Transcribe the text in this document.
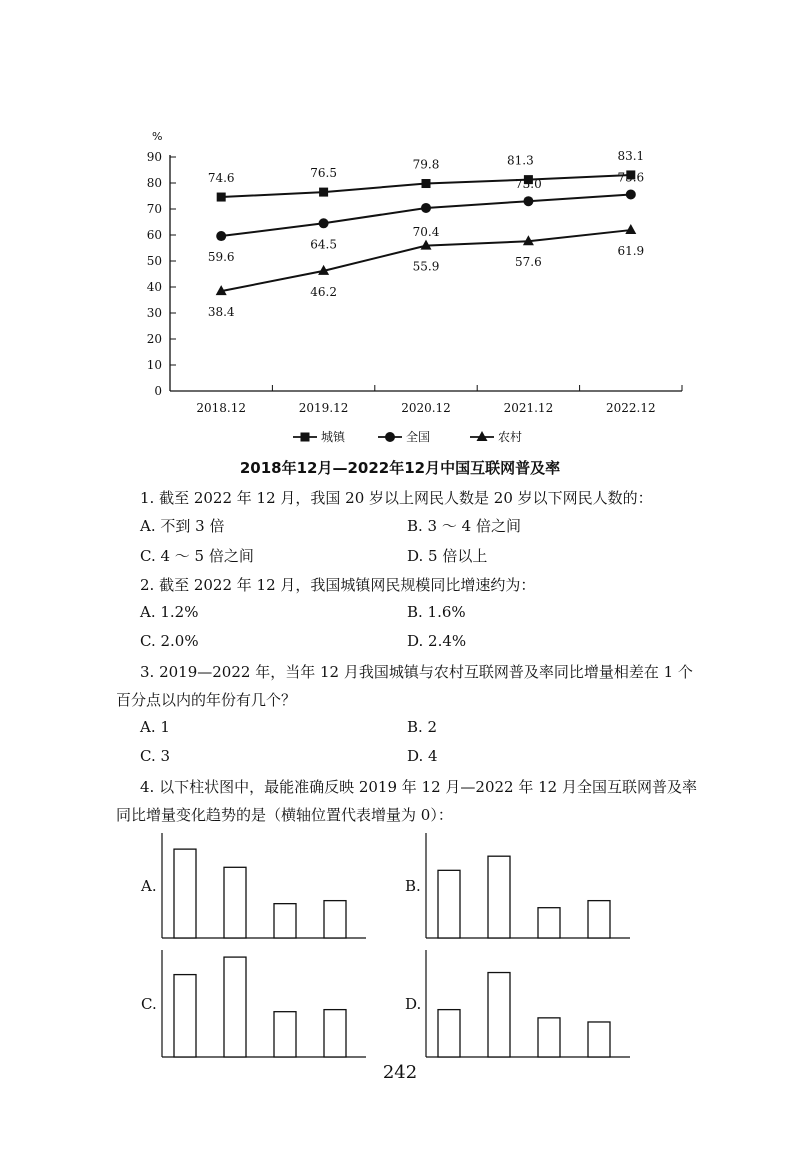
%
0
10
20
30
40
50
60
70
80
90
2018.12	2019.12	2020.12	2021.12	2022.12
74.6	76.5
79.8	81.3	83.1
59.6
64.5
70.4
73.0	75.6
38.4
46.2
55.9	57.6
61.9
城镇	全国	农村
2018年12月—2022年12月中国互联网普及率
1. 截至 2022 年 12 月，我国 20 岁以上网民人数是 20 岁以下网民人数的：
A. 不到 3 倍	B. 3 ～ 4 倍之间
C. 4 ～ 5 倍之间	D. 5 倍以上
2. 截至 2022 年 12 月，我国城镇网民规模同比增速约为：
A. 1.2%	B. 1.6%
C. 2.0%	D. 2.4%
3. 2019—2022 年，当年 12 月我国城镇与农村互联网普及率同比增量相差在 1 个
百分点以内的年份有几个？
A. 1	B. 2
C. 3	D. 4
4. 以下柱状图中，最能准确反映 2019 年 12 月—2022 年 12 月全国互联网普及率
同比增量变化趋势的是（横轴位置代表增量为 0）：
A.	B.
C.	D.
242
